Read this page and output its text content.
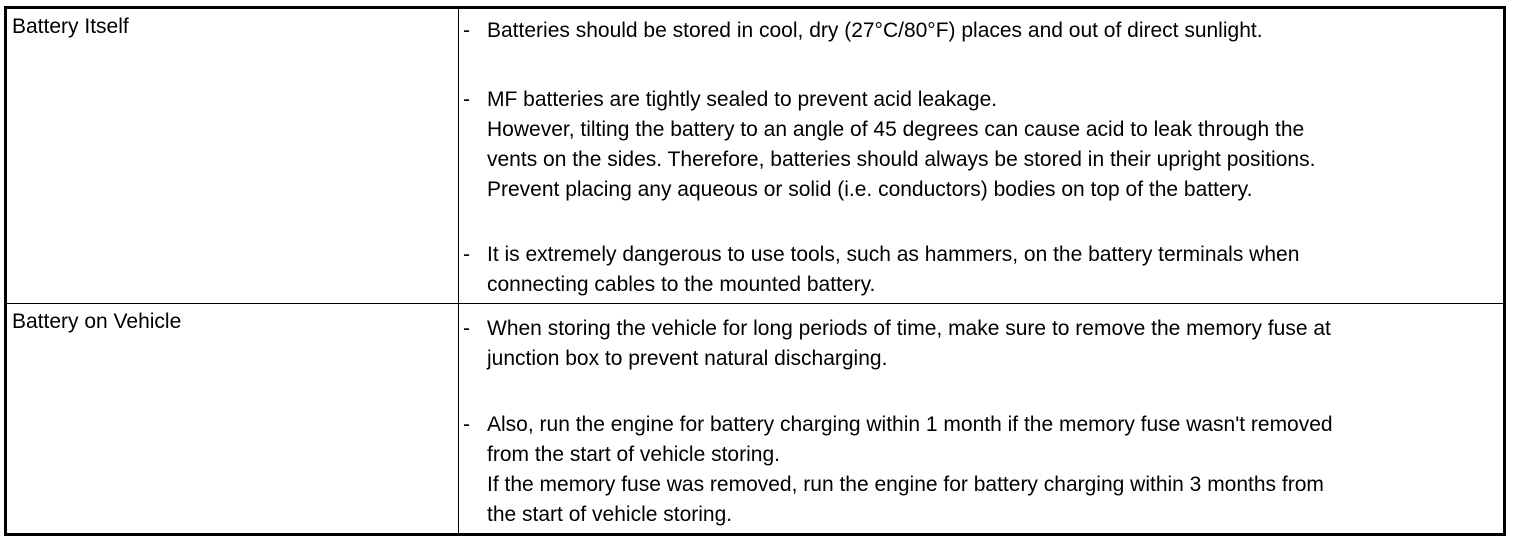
Battery Itself	- Batteries should be stored in cool, dry (27°C/80°F) places and out of direct sunlight.
- MF batteries are tightly sealed to prevent acid leakage.
However, tilting the battery to an angle of 45 degrees can cause acid to leak through the
vents on the sides. Therefore, batteries should always be stored in their upright positions.
Prevent placing any aqueous or solid (i.e. conductors) bodies on top of the battery.
- It is extremely dangerous to use tools, such as hammers, on the battery terminals when
connecting cables to the mounted battery.
Battery on Vehicle	- When storing the vehicle for long periods of time, make sure to remove the memory fuse at
junction box to prevent natural discharging.
- Also, run the engine for battery charging within 1 month if the memory fuse wasn't removed
from the start of vehicle storing.
If the memory fuse was removed, run the engine for battery charging within 3 months from
the start of vehicle storing.
